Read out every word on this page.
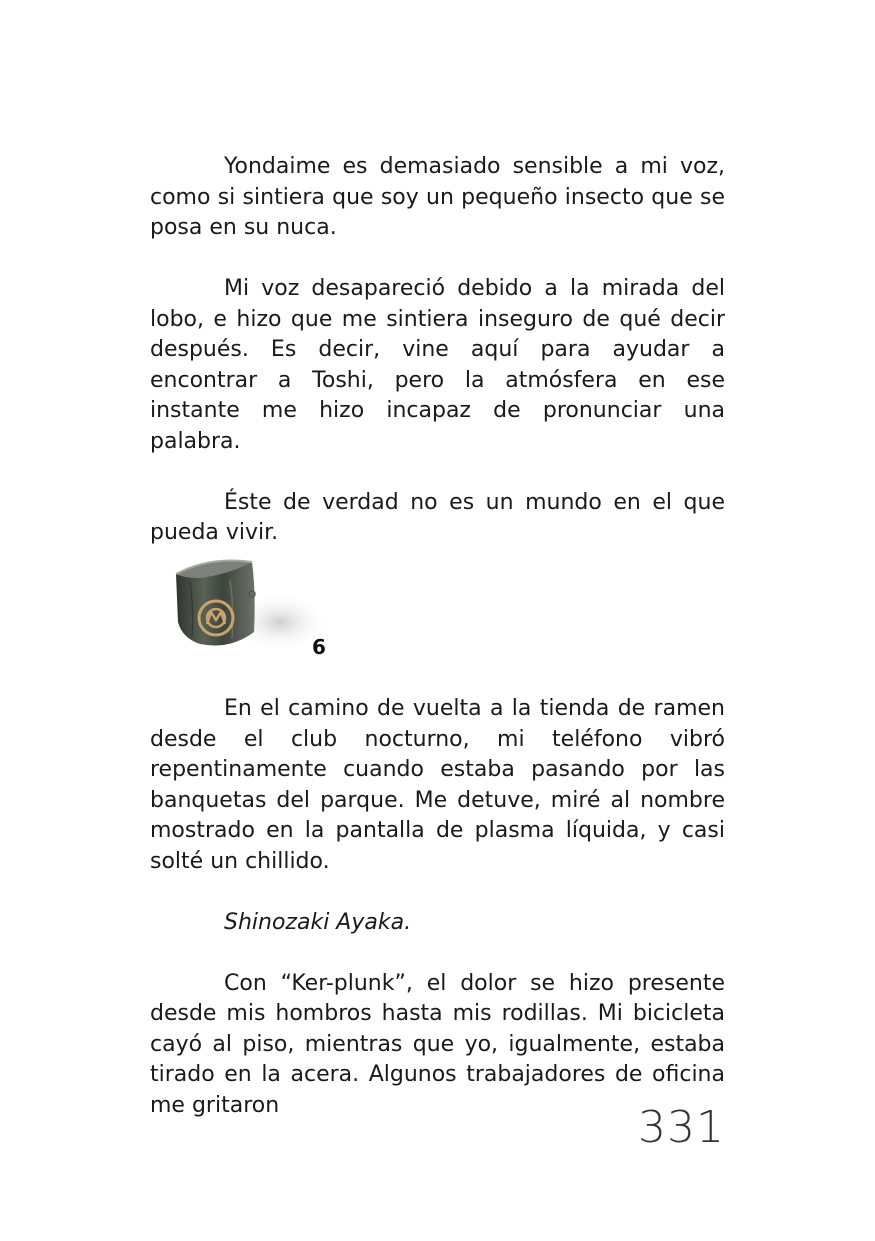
Yondaime es demasiado sensible a mi voz, como si sintiera que soy un pequeño insecto que se posa en su nuca.

Mi voz desapareció debido a la mirada del lobo, e hizo que me sintiera inseguro de qué decir después. Es decir, vine aquí para ayudar a encontrar a Toshi, pero la atmósfera en ese instante me hizo incapaz de pronunciar una palabra.

Éste de verdad no es un mundo en el que pueda vivir.

6

En el camino de vuelta a la tienda de ramen desde el club nocturno, mi teléfono vibró repentinamente cuando estaba pasando por las banquetas del parque. Me detuve, miré al nombre mostrado en la pantalla de plasma líquida, y casi solté un chillido.

Shinozaki Ayaka.

Con “Ker-plunk”, el dolor se hizo presente desde mis hombros hasta mis rodillas. Mi bicicleta cayó al piso, mientras que yo, igualmente, estaba tirado en la acera. Algunos trabajadores de oficina me gritaron	331
